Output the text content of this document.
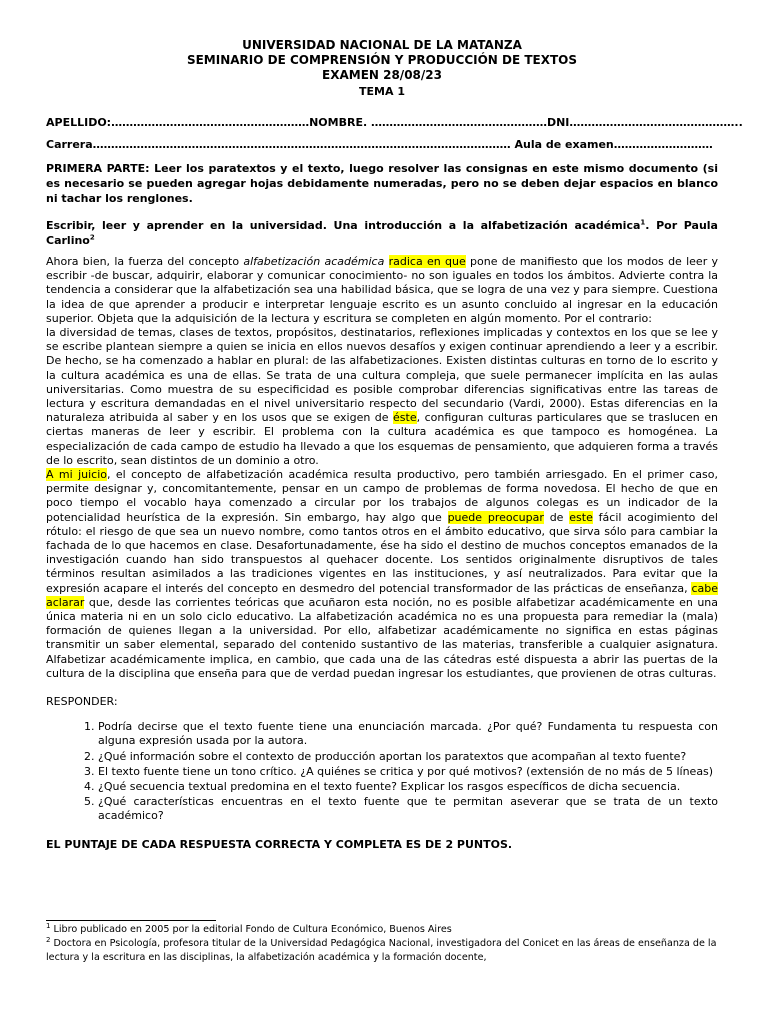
UNIVERSIDAD NACIONAL DE LA MATANZA
SEMINARIO DE COMPRENSIÓN Y PRODUCCIÓN DE TEXTOS
EXAMEN 28/08/23
TEMA 1
APELLIDO:………………………………………………NOMBRE. …………………………………………DNI………………………………………..
Carrera…………………………………………………………………………………………………… Aula de examen………………………
PRIMERA PARTE: Leer los paratextos y el texto, luego resolver las consignas en este mismo documento (si es necesario se pueden agregar hojas debidamente numeradas, pero no se deben dejar espacios en blanco ni tachar los renglones.
Escribir, leer y aprender en la universidad. Una introducción a la alfabetización académica$^1$. Por Paula Carlino$^2$

Ahora bien, la fuerza del concepto alfabetización académica radica en que pone de manifiesto que los modos de leer y escribir -de buscar, adquirir, elaborar y comunicar conocimiento- no son iguales en todos los ámbitos. Advierte contra la tendencia a considerar que la alfabetización sea una habilidad básica, que se logra de una vez y para siempre. Cuestiona la idea de que aprender a producir e interpretar lenguaje escrito es un asunto concluido al ingresar en la educación superior. Objeta que la adquisición de la lectura y escritura se completen en algún momento. Por el contrario:

la diversidad de temas, clases de textos, propósitos, destinatarios, reflexiones implicadas y contextos en los que se lee y se escribe plantean siempre a quien se inicia en ellos nuevos desafíos y exigen continuar aprendiendo a leer y a escribir. De hecho, se ha comenzado a hablar en plural: de las alfabetizaciones. Existen distintas culturas en torno de lo escrito y la cultura académica es una de ellas. Se trata de una cultura compleja, que suele permanecer implícita en las aulas universitarias. Como muestra de su especificidad es posible comprobar diferencias significativas entre las tareas de lectura y escritura demandadas en el nivel universitario respecto del secundario (Vardi, 2000). Estas diferencias en la naturaleza atribuida al saber y en los usos que se exigen de éste, configuran culturas particulares que se traslucen en ciertas maneras de leer y escribir. El problema con la cultura académica es que tampoco es homogénea. La especialización de cada campo de estudio ha llevado a que los esquemas de pensamiento, que adquieren forma a través de lo escrito, sean distintos de un dominio a otro.

A mi juicio, el concepto de alfabetización académica resulta productivo, pero también arriesgado. En el primer caso, permite designar y, concomitantemente, pensar en un campo de problemas de forma novedosa. El hecho de que en poco tiempo el vocablo haya comenzado a circular por los trabajos de algunos colegas es un indicador de la potencialidad heurística de la expresión. Sin embargo, hay algo que puede preocupar de este fácil acogimiento del rótulo: el riesgo de que sea un nuevo nombre, como tantos otros en el ámbito educativo, que sirva sólo para cambiar la fachada de lo que hacemos en clase. Desafortunadamente, ése ha sido el destino de muchos conceptos emanados de la investigación cuando han sido transpuestos al quehacer docente. Los sentidos originalmente disruptivos de tales términos resultan asimilados a las tradiciones vigentes en las instituciones, y así neutralizados. Para evitar que la expresión acapare el interés del concepto en desmedro del potencial transformador de las prácticas de enseñanza, cabe aclarar que, desde las corrientes teóricas que acuñaron esta noción, no es posible alfabetizar académicamente en una única materia ni en un solo ciclo educativo. La alfabetización académica no es una propuesta para remediar la (mala) formación de quienes llegan a la universidad. Por ello, alfabetizar académicamente no significa en estas páginas transmitir un saber elemental, separado del contenido sustantivo de las materias, transferible a cualquier asignatura. Alfabetizar académicamente implica, en cambio, que cada una de las cátedras esté dispuesta a abrir las puertas de la cultura de la disciplina que enseña para que de verdad puedan ingresar los estudiantes, que provienen de otras culturas.

RESPONDER:
1. Podría decirse que el texto fuente tiene una enunciación marcada. ¿Por qué? Fundamenta tu respuesta con alguna expresión usada por la autora.
2. ¿Qué información sobre el contexto de producción aportan los paratextos que acompañan al texto fuente?
3. El texto fuente tiene un tono crítico. ¿A quiénes se critica y por qué motivos? (extensión de no más de 5 líneas)
4. ¿Qué secuencia textual predomina en el texto fuente? Explicar los rasgos específicos de dicha secuencia.
5. ¿Qué características encuentras en el texto fuente que te permitan aseverar que se trata de un texto académico?
EL PUNTAJE DE CADA RESPUESTA CORRECTA Y COMPLETA ES DE 2 PUNTOS.
$^1$ Libro publicado en 2005 por la editorial Fondo de Cultura Económico, Buenos Aires
$^2$ Doctora en Psicología, profesora titular de la Universidad Pedagógica Nacional, investigadora del Conicet en las áreas de enseñanza de la lectura y la escritura en las disciplinas, la alfabetización académica y la formación docente,
